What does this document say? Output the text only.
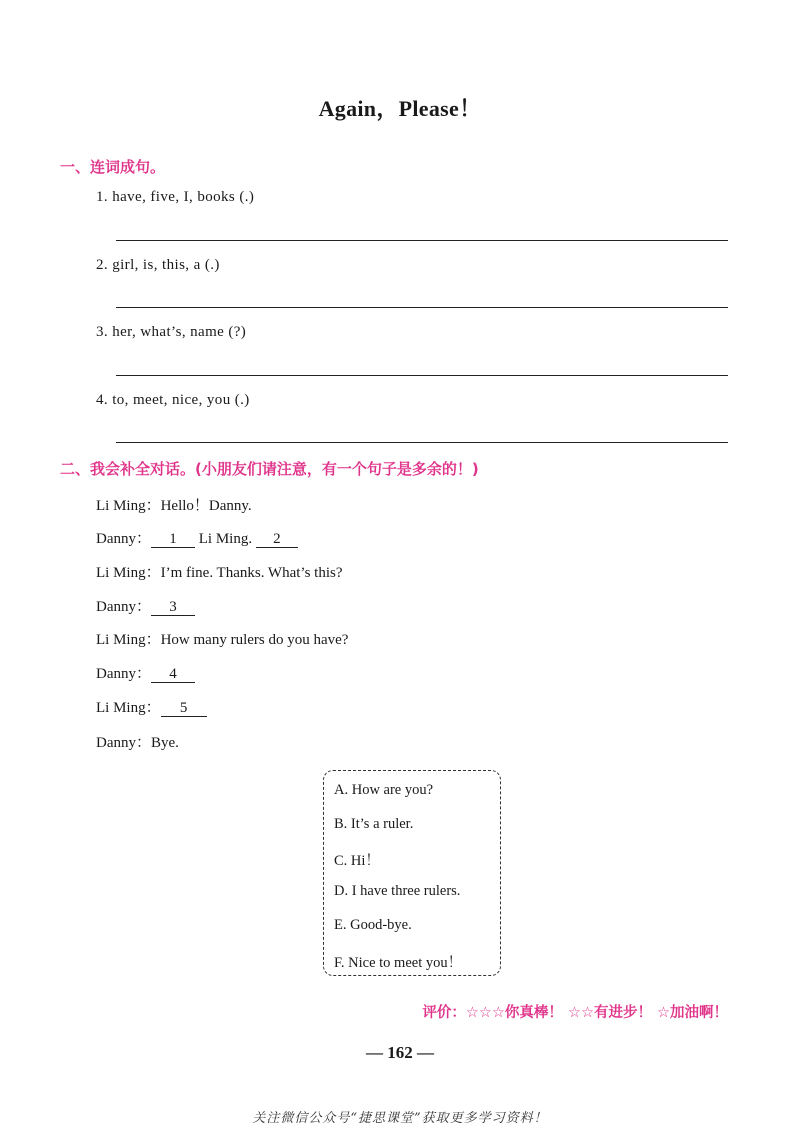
Again，Please！
一、连词成句。
1. have, five, I, books (.)
2. girl, is, this, a (.)
3. her, what’s, name (?)
4. to, meet, nice, you (.)
二、我会补全对话。(小朋友们请注意，有一个句子是多余的！)
Li Ming：Hello！Danny.
Danny： 1 Li Ming. 2
Li Ming：I’m fine. Thanks. What’s this?
Danny： 3
Li Ming：How many rulers do you have?
Danny： 4
Li Ming： 5
Danny：Bye.
A. How are you?
B. It’s a ruler.
C. Hi！
D. I have three rulers.
E. Good-bye.
F. Nice to meet you！
评价：☆☆☆你真棒！ ☆☆有进步！ ☆加油啊！
— 162 —
关注微信公众号“捷思课堂”获取更多学习资料！
